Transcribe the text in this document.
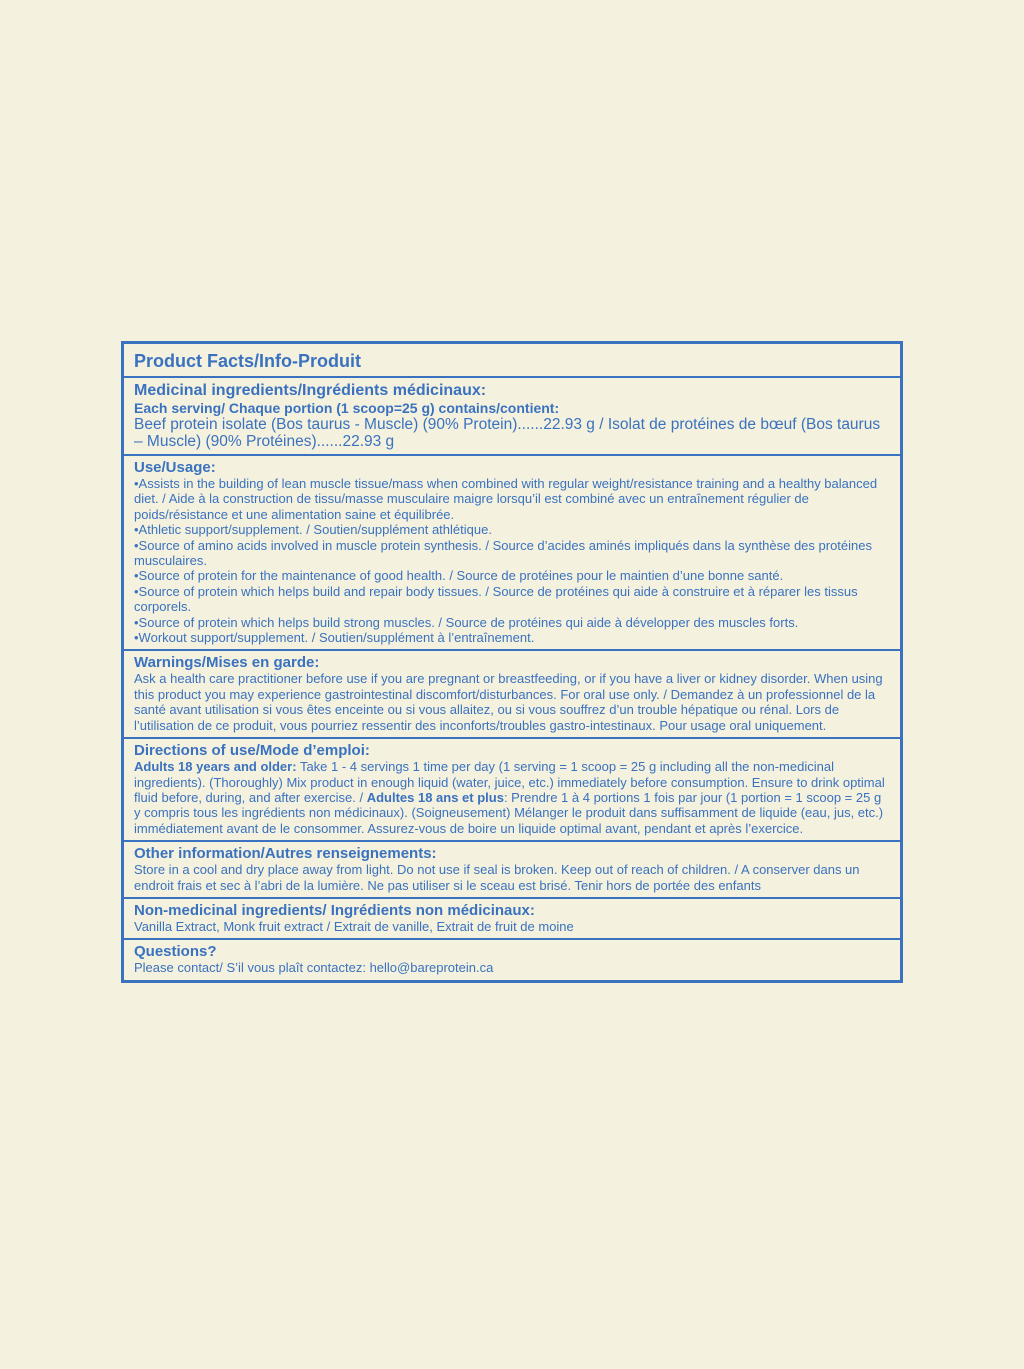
Product Facts/Info-Produit
Medicinal ingredients/Ingrédients médicinaux:
Each serving/ Chaque portion (1 scoop=25 g) contains/contient:
Beef protein isolate (Bos taurus - Muscle) (90% Protein)......22.93 g / Isolat de protéines de bœuf (Bos taurus – Muscle) (90% Protéines)......22.93 g
Use/Usage:
•Assists in the building of lean muscle tissue/mass when combined with regular weight/resistance training and a healthy balanced diet. / Aide à la construction de tissu/masse musculaire maigre lorsqu’il est combiné avec un entraînement régulier de poids/résistance et une alimentation saine et équilibrée.
•Athletic support/supplement. / Soutien/supplément athlétique.
•Source of amino acids involved in muscle protein synthesis. / Source d’acides aminés impliqués dans la synthèse des protéines musculaires.
•Source of protein for the maintenance of good health. / Source de protéines pour le maintien d’une bonne santé.
•Source of protein which helps build and repair body tissues. / Source de protéines qui aide à construire et à réparer les tissus corporels.
•Source of protein which helps build strong muscles. / Source de protéines qui aide à développer des muscles forts.
•Workout support/supplement. / Soutien/supplément à l’entraînement.
Warnings/Mises en garde:
Ask a health care practitioner before use if you are pregnant or breastfeeding, or if you have a liver or kidney disorder. When using this product you may experience gastrointestinal discomfort/disturbances. For oral use only. / Demandez à un professionnel de la santé avant utilisation si vous êtes enceinte ou si vous allaitez, ou si vous souffrez d’un trouble hépatique ou rénal. Lors de l’utilisation de ce produit, vous pourriez ressentir des inconforts/troubles gastro-intestinaux. Pour usage oral uniquement.
Directions of use/Mode d’emploi:
Adults 18 years and older: Take 1 - 4 servings 1 time per day (1 serving = 1 scoop = 25 g including all the non-medicinal ingredients). (Thoroughly) Mix product in enough liquid (water, juice, etc.) immediately before consumption. Ensure to drink optimal fluid before, during, and after exercise. / Adultes 18 ans et plus: Prendre 1 à 4 portions 1 fois par jour (1 portion = 1 scoop = 25 g y compris tous les ingrédients non médicinaux). (Soigneusement) Mélanger le produit dans suffisamment de liquide (eau, jus, etc.) immédiatement avant de le consommer. Assurez-vous de boire un liquide optimal avant, pendant et après l’exercice.
Other information/Autres renseignements:
Store in a cool and dry place away from light. Do not use if seal is broken. Keep out of reach of children. / A conserver dans un endroit frais et sec à l’abri de la lumière. Ne pas utiliser si le sceau est brisé. Tenir hors de portée des enfants
Non-medicinal ingredients/ Ingrédients non médicinaux:
Vanilla Extract, Monk fruit extract / Extrait de vanille, Extrait de fruit de moine
Questions?
Please contact/ S’il vous plaît contactez: hello@bareprotein.ca
